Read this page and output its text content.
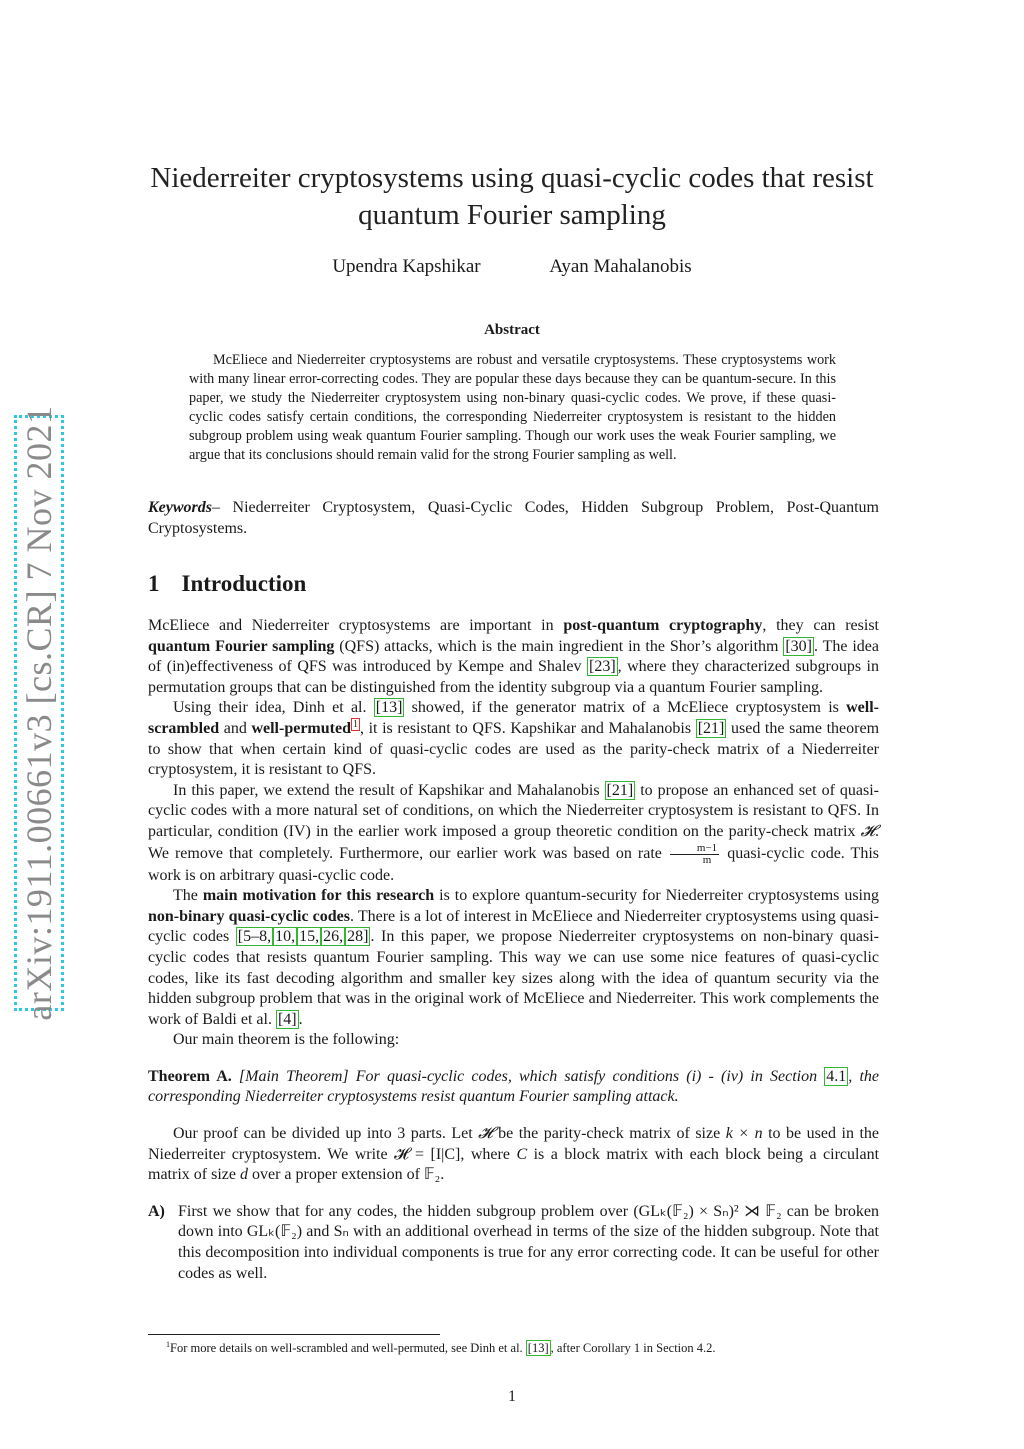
arXiv:1911.00661v3 [cs.CR] 7 Nov 2021
Niederreiter cryptosystems using quasi-cyclic codes that resist quantum Fourier sampling
Upendra Kapshikar	Ayan Mahalanobis
Abstract

McEliece and Niederreiter cryptosystems are robust and versatile cryptosystems. These cryptosystems work with many linear error-correcting codes. They are popular these days because they can be quantum-secure. In this paper, we study the Niederreiter cryptosystem using non-binary quasi-cyclic codes. We prove, if these quasi-cyclic codes satisfy certain conditions, the corresponding Niederreiter cryptosystem is resistant to the hidden subgroup problem using weak quantum Fourier sampling. Though our work uses the weak Fourier sampling, we argue that its conclusions should remain valid for the strong Fourier sampling as well.

Keywords– Niederreiter Cryptosystem, Quasi-Cyclic Codes, Hidden Subgroup Problem, Post-Quantum Cryptosystems.

1 Introduction

McEliece and Niederreiter cryptosystems are important in post-quantum cryptography, they can resist quantum Fourier sampling (QFS) attacks, which is the main ingredient in the Shor’s algorithm [30] . The idea of (in)effectiveness of QFS was introduced by Kempe and Shalev [23] , where they characterized subgroups in permutation groups that can be distinguished from the identity subgroup via a quantum Fourier sampling.

Using their idea, Dinh et al. [13] showed, if the generator matrix of a McEliece cryptosystem is well-scrambled and well-permuted $^1$ , it is resistant to QFS. Kapshikar and Mahalanobis [21] used the same theorem to show that when certain kind of quasi-cyclic codes are used as the parity-check matrix of a Niederreiter cryptosystem, it is resistant to QFS.

In this paper, we extend the result of Kapshikar and Mahalanobis [21] to propose an enhanced set of quasi-cyclic codes with a more natural set of conditions, on which the Niederreiter cryptosystem is resistant to QFS. In particular, condition (IV) in the earlier work imposed a group theoretic condition on the parity-check matrix 𝓗. We remove that completely. Furthermore, our earlier work was based on rate $\frac{m-1}{m}$ quasi-cyclic code. This work is on arbitrary quasi-cyclic code.

The main motivation for this research is to explore quantum-security for Niederreiter cryptosystems using non-binary quasi-cyclic codes. There is a lot of interest in McEliece and Niederreiter cryptosystems using quasi-cyclic codes [5–8, 10, 15, 26, 28] . In this paper, we propose Niederreiter cryptosystems on non-binary quasi-cyclic codes that resists quantum Fourier sampling. This way we can use some nice features of quasi-cyclic codes, like its fast decoding algorithm and smaller key sizes along with the idea of quantum security via the hidden subgroup problem that was in the original work of McEliece and Niederreiter. This work complements the work of Baldi et al. [4] .

Our main theorem is the following:

Theorem A. [Main Theorem] For quasi-cyclic codes, which satisfy conditions (i) - (iv) in Section 4.1 , the corresponding Niederreiter cryptosystems resist quantum Fourier sampling attack.

Our proof can be divided up into 3 parts. Let 𝓗 be the parity-check matrix of size k × n to be used in the Niederreiter cryptosystem. We write 𝓗 = [I|C], where C is a block matrix with each block being a circulant matrix of size d over a proper extension of 𝔽₂.

A) First we show that for any codes, the hidden subgroup problem over (GLₖ(𝔽₂) × Sₙ)² ⋊ 𝔽₂ can be broken down into GLₖ(𝔽₂) and Sₙ with an additional overhead in terms of the size of the hidden subgroup. Note that this decomposition into individual components is true for any error correcting code. It can be useful for other codes as well.
$^1$For more details on well-scrambled and well-permuted, see Dinh et al. [13] , after Corollary 1 in Section 4.2.
1
